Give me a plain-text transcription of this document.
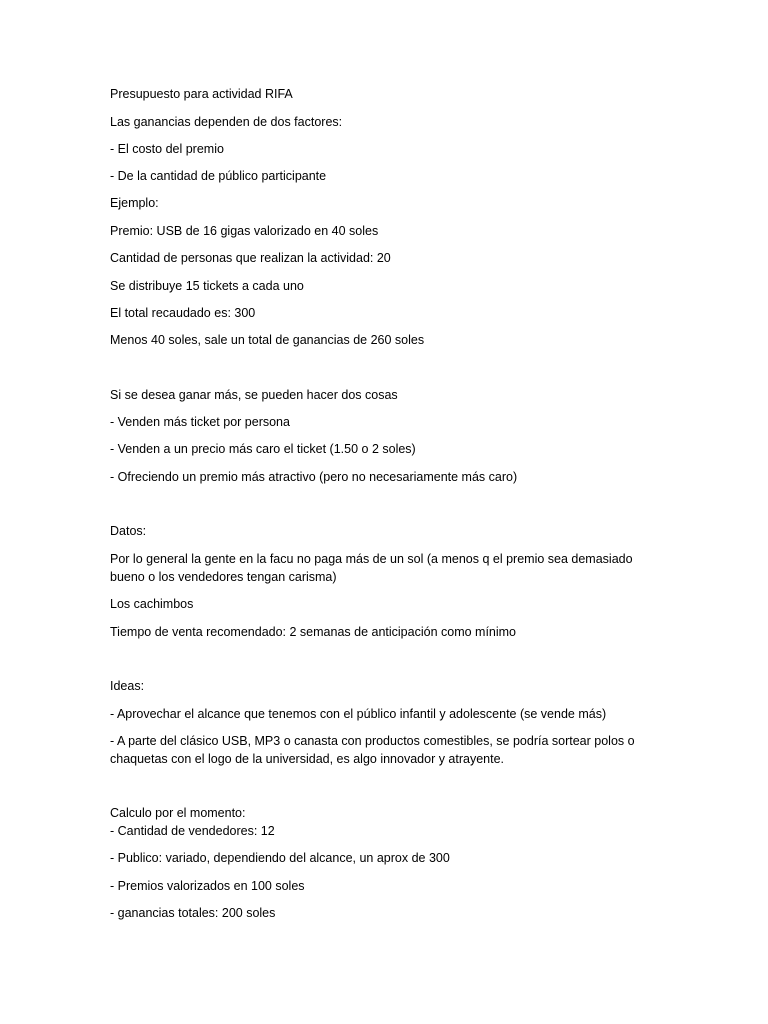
Presupuesto para actividad RIFA
Las ganancias dependen de dos factores:
- El costo del premio
- De la cantidad de público participante
Ejemplo:
Premio: USB de 16 gigas valorizado en 40 soles
Cantidad de personas que realizan la actividad: 20
Se distribuye 15 tickets a cada uno
El total recaudado es: 300
Menos 40 soles, sale un total de ganancias de 260 soles
Si se desea ganar más, se pueden hacer dos cosas
- Venden más ticket por persona
- Venden a un precio más caro el ticket (1.50 o 2 soles)
- Ofreciendo un premio más atractivo (pero no necesariamente más caro)
Datos:
Por lo general la gente en la facu no paga más de un sol (a menos q el premio sea demasiado bueno o los vendedores tengan carisma)
Los cachimbos
Tiempo de venta recomendado: 2 semanas de anticipación como mínimo
Ideas:
- Aprovechar el alcance que tenemos con el público infantil y adolescente (se vende más)
- A parte del clásico USB, MP3 o canasta con productos comestibles, se podría sortear polos o chaquetas con el logo de la universidad, es algo innovador y atrayente.
Calculo por el momento:
- Cantidad de vendedores: 12
- Publico: variado, dependiendo del alcance, un aprox de 300
- Premios valorizados en 100 soles
- ganancias totales: 200 soles
